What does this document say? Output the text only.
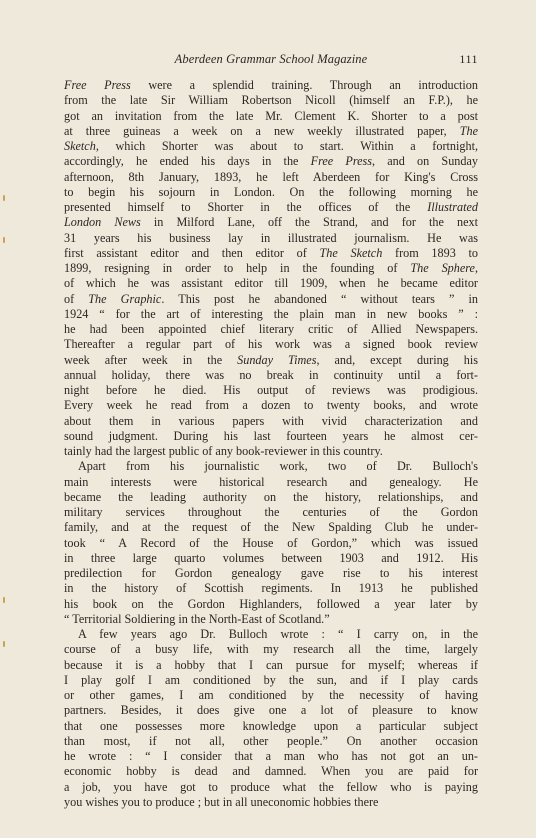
Aberdeen Grammar School Magazine	111
Free Press were a splendid training. Through an introduction
from the late Sir William Robertson Nicoll (himself an F.P.), he
got an invitation from the late Mr. Clement K. Shorter to a post
at three guineas a week on a new weekly illustrated paper, The
Sketch, which Shorter was about to start. Within a fortnight,
accordingly, he ended his days in the Free Press, and on Sunday
afternoon, 8th January, 1893, he left Aberdeen for King's Cross
to begin his sojourn in London. On the following morning he
presented himself to Shorter in the offices of the Illustrated
London News in Milford Lane, off the Strand, and for the next
31 years his business lay in illustrated journalism. He was
first assistant editor and then editor of The Sketch from 1893 to
1899, resigning in order to help in the founding of The Sphere,
of which he was assistant editor till 1909, when he became editor
of The Graphic. This post he abandoned “ without tears ” in
1924 “ for the art of interesting the plain man in new books ” :
he had been appointed chief literary critic of Allied Newspapers.
Thereafter a regular part of his work was a signed book review
week after week in the Sunday Times, and, except during his
annual holiday, there was no break in continuity until a fort-
night before he died. His output of reviews was prodigious.
Every week he read from a dozen to twenty books, and wrote
about them in various papers with vivid characterization and
sound judgment. During his last fourteen years he almost cer-
tainly had the largest public of any book-reviewer in this country.
Apart from his journalistic work, two of Dr. Bulloch's
main interests were historical research and genealogy. He
became the leading authority on the history, relationships, and
military services throughout the centuries of the Gordon
family, and at the request of the New Spalding Club he under-
took “ A Record of the House of Gordon,” which was issued
in three large quarto volumes between 1903 and 1912. His
predilection for Gordon genealogy gave rise to his interest
in the history of Scottish regiments. In 1913 he published
his book on the Gordon Highlanders, followed a year later by
“ Territorial Soldiering in the North-East of Scotland.”
A few years ago Dr. Bulloch wrote : “ I carry on, in the
course of a busy life, with my research all the time, largely
because it is a hobby that I can pursue for myself; whereas if
I play golf I am conditioned by the sun, and if I play cards
or other games, I am conditioned by the necessity of having
partners. Besides, it does give one a lot of pleasure to know
that one possesses more knowledge upon a particular subject
than most, if not all, other people.” On another occasion
he wrote : “ I consider that a man who has not got an un-
economic hobby is dead and damned. When you are paid for
a job, you have got to produce what the fellow who is paying
you wishes you to produce ; but in all uneconomic hobbies there
